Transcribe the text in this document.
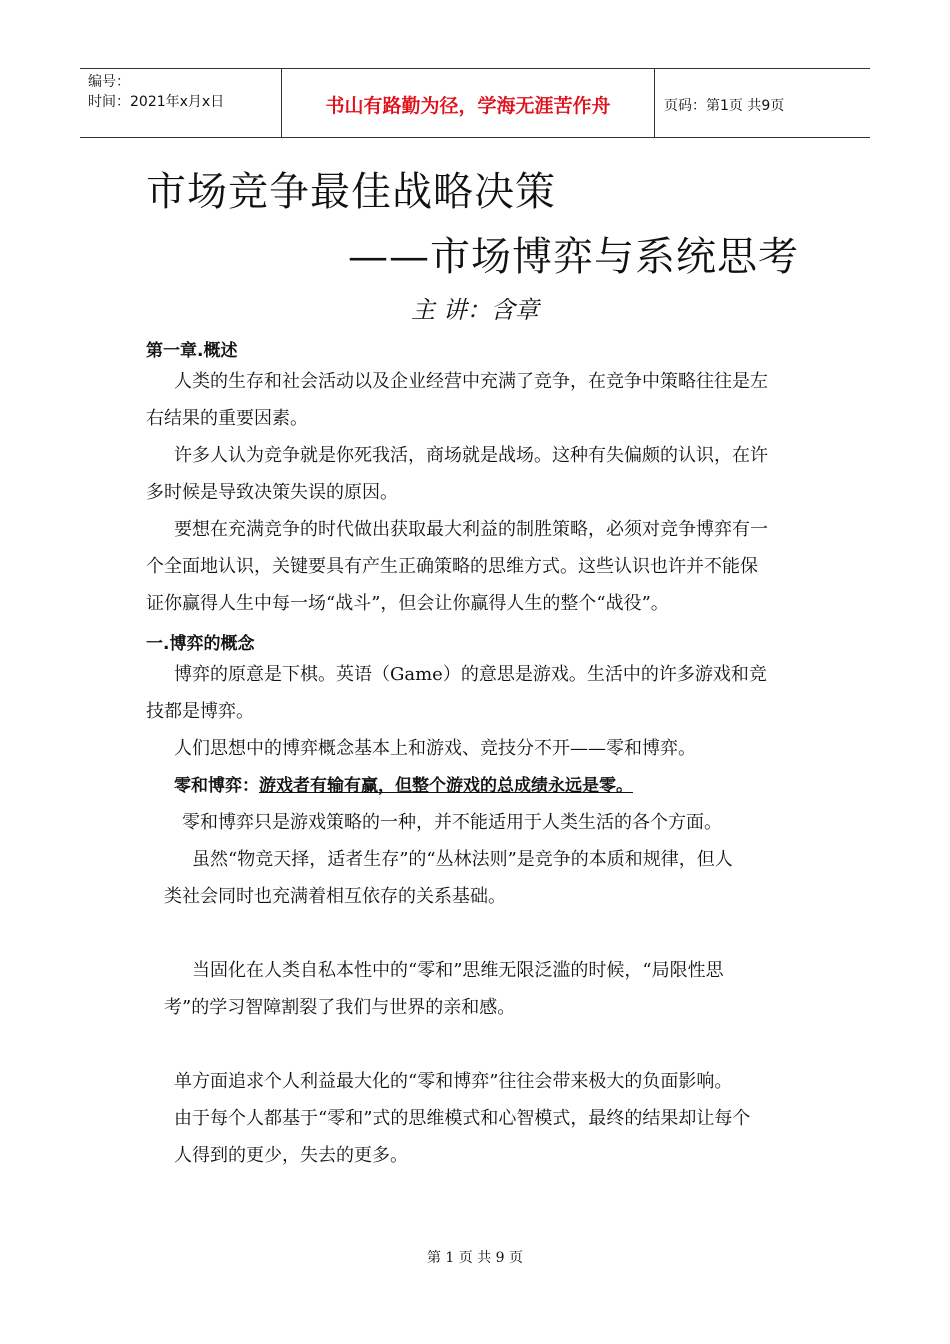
编号：
时间：2021年x月x日	书山有路勤为径，学海无涯苦作舟	页码：第1页 共9页
市场竞争最佳战略决策
——市场博弈与系统思考
主 讲：含章
第一章.概述
人类的生存和社会活动以及企业经营中充满了竞争，在竞争中策略往往是左
右结果的重要因素。
许多人认为竞争就是你死我活，商场就是战场。这种有失偏颇的认识，在许
多时候是导致决策失误的原因。
要想在充满竞争的时代做出获取最大利益的制胜策略，必须对竞争博弈有一
个全面地认识，关键要具有产生正确策略的思维方式。这些认识也许并不能保
证你赢得人生中每一场“战斗”，但会让你赢得人生的整个“战役”。
一.博弈的概念
博弈的原意是下棋。英语（Game）的意思是游戏。生活中的许多游戏和竞
技都是博弈。
人们思想中的博弈概念基本上和游戏、竞技分不开——零和博弈。
零和博弈：游戏者有输有赢，但整个游戏的总成绩永远是零。
零和博弈只是游戏策略的一种，并不能适用于人类生活的各个方面。
虽然“物竞天择，适者生存”的“丛林法则”是竞争的本质和规律，但人
类社会同时也充满着相互依存的关系基础。
当固化在人类自私本性中的“零和”思维无限泛滥的时候，“局限性思
考”的学习智障割裂了我们与世界的亲和感。
单方面追求个人利益最大化的“零和博弈”往往会带来极大的负面影响。
由于每个人都基于“零和”式的思维模式和心智模式，最终的结果却让每个
人得到的更少，失去的更多。
第 1 页 共 9 页
